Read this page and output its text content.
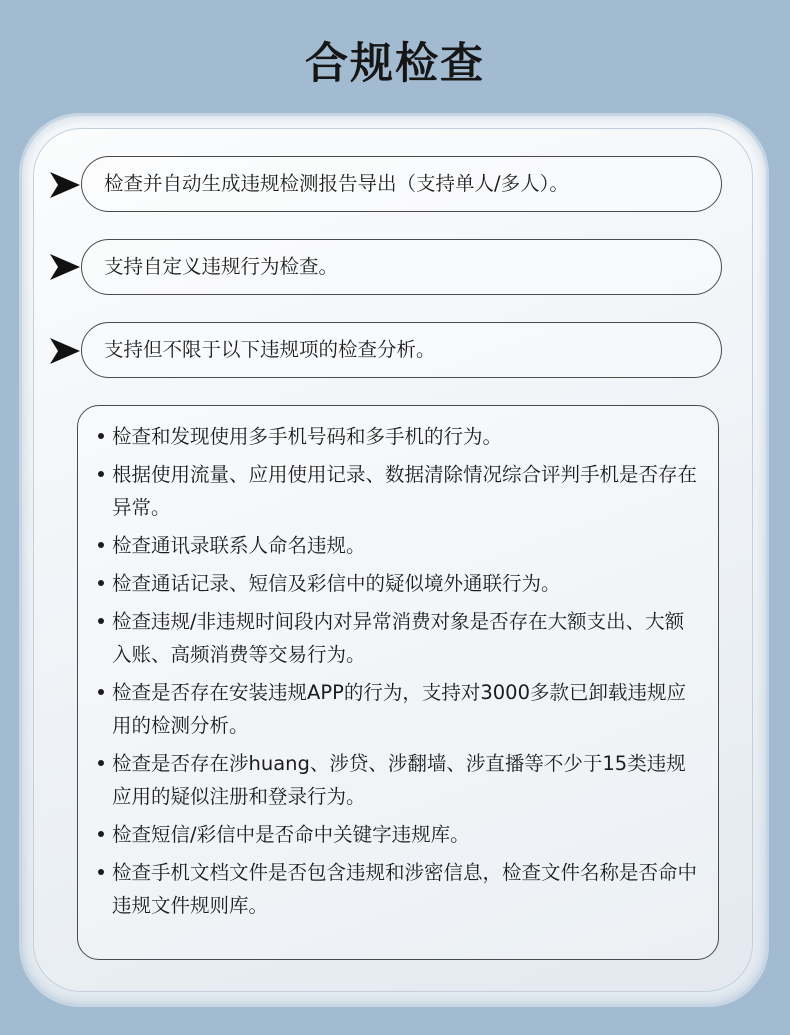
合规检查
检查并自动生成违规检测报告导出（支持单人/多人）。
支持自定义违规行为检查。
支持但不限于以下违规项的检查分析。
检查和发现使用多手机号码和多手机的行为。
根据使用流量、应用使用记录、数据清除情况综合评判手机是否存在异常。
检查通讯录联系人命名违规。
检查通话记录、短信及彩信中的疑似境外通联行为。
检查违规/非违规时间段内对异常消费对象是否存在大额支出、大额入账、高频消费等交易行为。
检查是否存在安装违规APP的行为，支持对3000多款已卸载违规应用的检测分析。
检查是否存在涉huang、涉贷、涉翻墙、涉直播等不少于15类违规应用的疑似注册和登录行为。
检查短信/彩信中是否命中关键字违规库。
检查手机文档文件是否包含违规和涉密信息，检查文件名称是否命中违规文件规则库。
